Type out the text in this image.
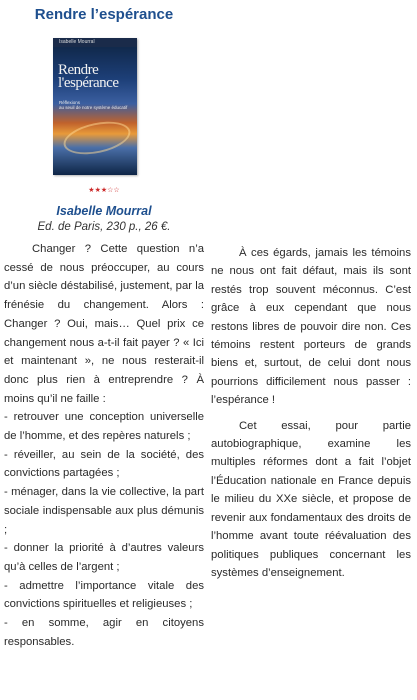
Rendre l’espérance
Isabelle Mourral
Rendre
l'espérance
Réflexions
au seuil de notre système éducatif
★★★☆☆
Isabelle Mourral
Ed. de Paris, 230 p., 26 €.

Changer ? Cette question n’a cessé de nous préoccuper, au cours d’un siècle déstabilisé, justement, par la frénésie du changement. Alors : Changer ? Oui, mais… Quel prix ce changement nous a-t-il fait payer ? « Ici et maintenant », ne nous resterait-il donc plus rien à entreprendre ? À moins qu’il ne faille :

- retrouver une conception universelle de l’homme, et des repères naturels ;

- réveiller, au sein de la société, des convictions partagées ;

- ménager, dans la vie collective, la part sociale indispensable aux plus démunis ;

- donner la priorité à d’autres valeurs qu’à celles de l’argent ;

- admettre l’importance vitale des convictions spirituelles et religieuses ;

- en somme, agir en citoyens responsables.

À ces égards, jamais les témoins ne nous ont fait défaut, mais ils sont restés trop souvent méconnus. C’est grâce à eux cependant que nous restons libres de pouvoir dire non. Ces témoins restent porteurs de grands biens et, surtout, de celui dont nous pourrions difficilement nous passer : l’espérance !

Cet essai, pour partie autobiographique, examine les multiples réformes dont a fait l’objet l’Éducation nationale en France depuis le milieu du XXe siècle, et propose de revenir aux fondamentaux des droits de l’homme avant toute réévaluation des politiques publiques concernant les systèmes d’enseignement.
